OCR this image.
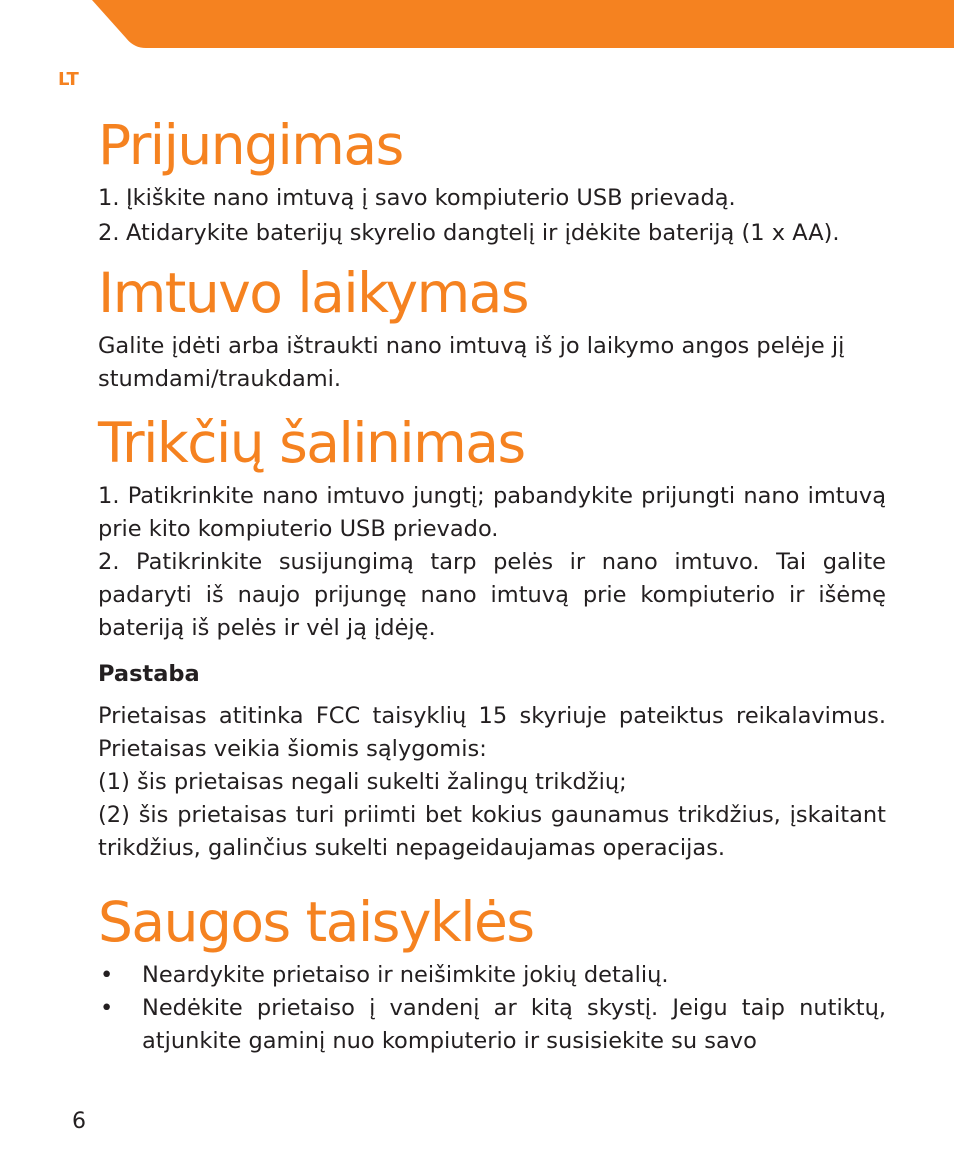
LT
Prijungimas
1. Įkiškite nano imtuvą į savo kompiuterio USB prievadą.
2. Atidarykite baterijų skyrelio dangtelį ir įdėkite bateriją (1 x AA).
Imtuvo laikymas

Galite įdėti arba ištraukti nano imtuvą iš jo laikymo angos pelėje jį stumdami/traukdami.

Trikčių šalinimas

1. Patikrinkite nano imtuvo jungtį; pabandykite prijungti nano imtuvą prie kito kompiuterio USB prievado.

2. Patikrinkite susijungimą tarp pelės ir nano imtuvo. Tai galite padaryti iš naujo prijungę nano imtuvą prie kompiuterio ir išėmę bateriją iš pelės ir vėl ją įdėję.

Pastaba

Prietaisas atitinka FCC taisyklių 15 skyriuje pateiktus reikalavimus. Prietaisas veikia šiomis sąlygomis:

(1) šis prietaisas negali sukelti žalingų trikdžių;

(2) šis prietaisas turi priimti bet kokius gaunamus trikdžius, įskaitant trikdžius, galinčius sukelti nepageidaujamas operacijas.

Saugos taisyklės
•	Neardykite prietaiso ir neišimkite jokių detalių.
•	Nedėkite prietaiso į vandenį ar kitą skystį. Jeigu taip nutiktų, atjunkite gaminį nuo kompiuterio ir susisiekite su savo
6
